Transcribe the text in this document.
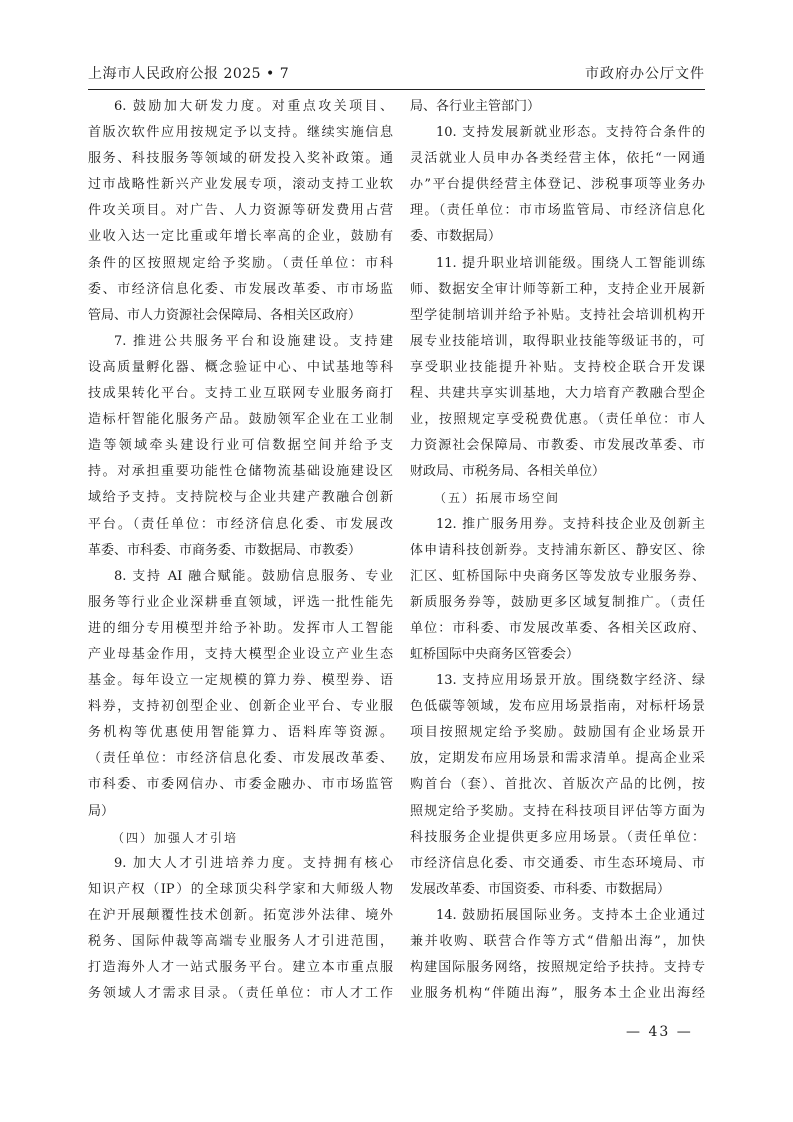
上海市人民政府公报 2025 • 7	市政府办公厅文件
6. 鼓励加大研发力度。对重点攻关项目、
首版次软件应用按规定予以支持。继续实施信息
服务、科技服务等领域的研发投入奖补政策。通
过市战略性新兴产业发展专项，滚动支持工业软
件攻关项目。对广告、人力资源等研发费用占营
业收入达一定比重或年增长率高的企业，鼓励有
条件的区按照规定给予奖励。（责任单位：市科
委、市经济信息化委、市发展改革委、市市场监
管局、市人力资源社会保障局、各相关区政府）
7. 推进公共服务平台和设施建设。支持建
设高质量孵化器、概念验证中心、中试基地等科
技成果转化平台。支持工业互联网专业服务商打
造标杆智能化服务产品。鼓励领军企业在工业制
造等领域牵头建设行业可信数据空间并给予支
持。对承担重要功能性仓储物流基础设施建设区
域给予支持。支持院校与企业共建产教融合创新
平台。（责任单位：市经济信息化委、市发展改
革委、市科委、市商务委、市数据局、市教委）
8. 支持 AI 融合赋能。鼓励信息服务、专业
服务等行业企业深耕垂直领域，评选一批性能先
进的细分专用模型并给予补助。发挥市人工智能
产业母基金作用，支持大模型企业设立产业生态
基金。每年设立一定规模的算力券、模型券、语
料券，支持初创型企业、创新企业平台、专业服
务机构等优惠使用智能算力、语料库等资源。
（责任单位：市经济信息化委、市发展改革委、
市科委、市委网信办、市委金融办、市市场监管
局）
（四）加强人才引培
9. 加大人才引进培养力度。支持拥有核心
知识产权（IP）的全球顶尖科学家和大师级人物
在沪开展颠覆性技术创新。拓宽涉外法律、境外
税务、国际仲裁等高端专业服务人才引进范围，
打造海外人才一站式服务平台。建立本市重点服
务领域人才需求目录。（责任单位：市人才工作
局、各行业主管部门）
10. 支持发展新就业形态。支持符合条件的
灵活就业人员申办各类经营主体，依托“一网通
办”平台提供经营主体登记、涉税事项等业务办
理。（责任单位：市市场监管局、市经济信息化
委、市数据局）
11. 提升职业培训能级。围绕人工智能训练
师、数据安全审计师等新工种，支持企业开展新
型学徒制培训并给予补贴。支持社会培训机构开
展专业技能培训，取得职业技能等级证书的，可
享受职业技能提升补贴。支持校企联合开发课
程、共建共享实训基地，大力培育产教融合型企
业，按照规定享受税费优惠。（责任单位：市人
力资源社会保障局、市教委、市发展改革委、市
财政局、市税务局、各相关单位）
（五）拓展市场空间
12. 推广服务用券。支持科技企业及创新主
体申请科技创新券。支持浦东新区、静安区、徐
汇区、虹桥国际中央商务区等发放专业服务券、
新质服务券等，鼓励更多区域复制推广。（责任
单位：市科委、市发展改革委、各相关区政府、
虹桥国际中央商务区管委会）
13. 支持应用场景开放。围绕数字经济、绿
色低碳等领域，发布应用场景指南，对标杆场景
项目按照规定给予奖励。鼓励国有企业场景开
放，定期发布应用场景和需求清单。提高企业采
购首台（套）、首批次、首版次产品的比例，按
照规定给予奖励。支持在科技项目评估等方面为
科技服务企业提供更多应用场景。（责任单位：
市经济信息化委、市交通委、市生态环境局、市
发展改革委、市国资委、市科委、市数据局）
14. 鼓励拓展国际业务。支持本土企业通过
兼并收购、联营合作等方式“借船出海”，加快
构建国际服务网络，按照规定给予扶持。支持专
业服务机构“伴随出海”，服务本土企业出海经
— 43 —
